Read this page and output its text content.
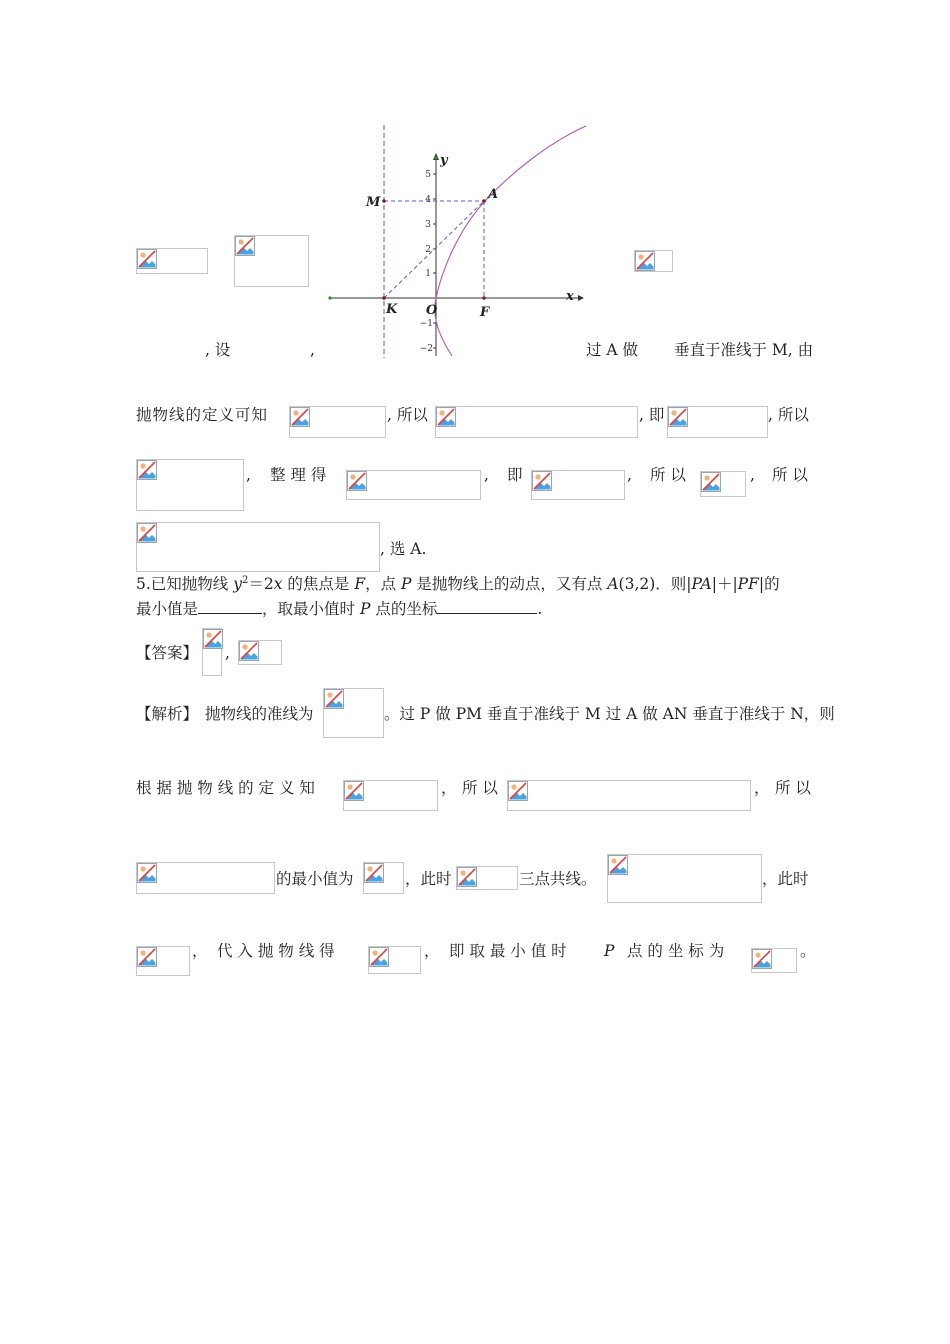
5
4
3
2
1
−1
−2
y
x
M
A
K O	F
, 设	,	过 A 做 垂直于准线于 M, 由
抛物线的定义可知	, 所以	, 即	, 所以
, 整 理 得	, 即	, 所 以	, 所 以
, 选 A.
5.已知抛物线 $y^2=2x$ 的焦点是 F，点 P 是抛物线上的动点，又有点 A(3,2)．则|PA|＋|PF|的
最小值是	，取最小值时 P 点的坐标	.
【答案】 ,
【解析】 抛物线的准线为	。过 P 做 PM 垂直于准线于 M 过 A 做 AN 垂直于准线于 N，则
根 据 抛 物 线 的 定 义 知	， 所 以	， 所 以
的最小值为	，此时	三点共线。	，此时
， 代 入 抛 物 线 得	， 即 取 最 小 值 时 P 点 的 坐 标 为	。
